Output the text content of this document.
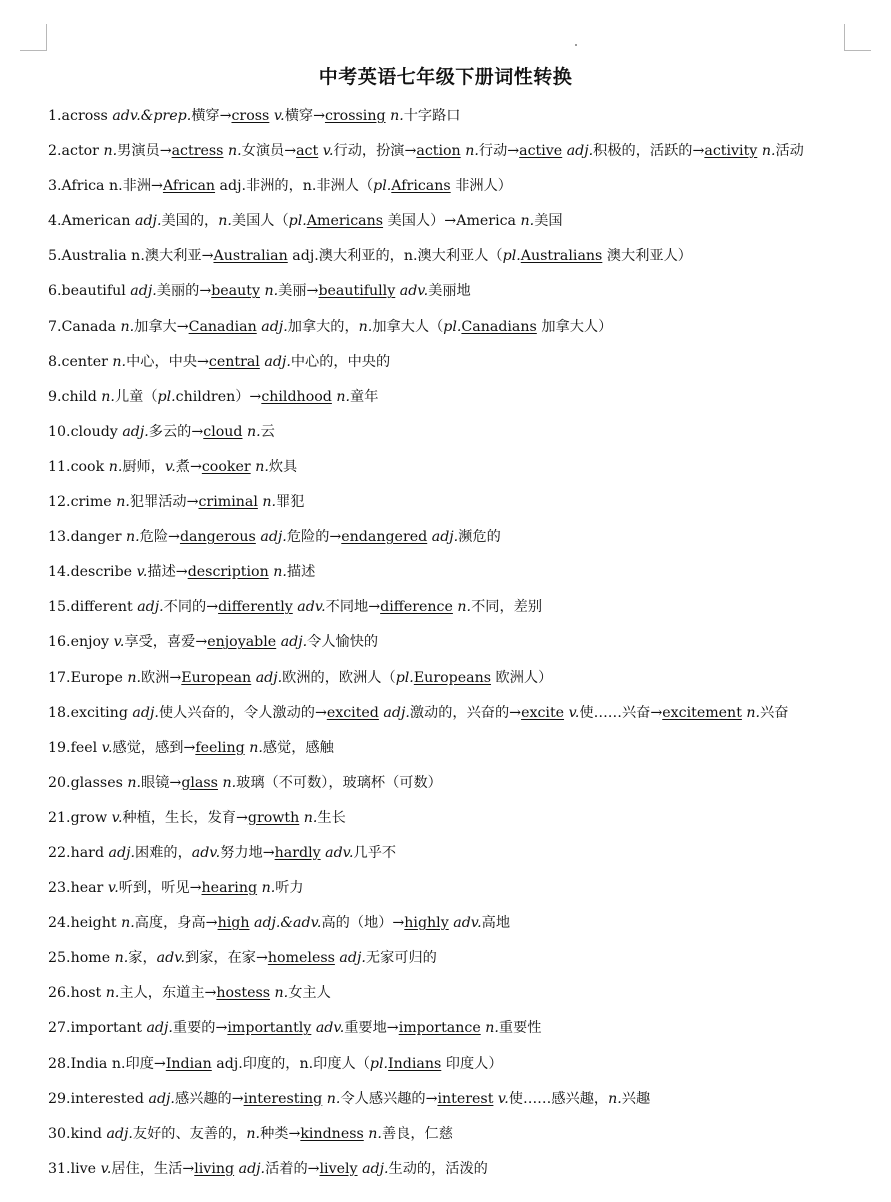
中考英语七年级下册词性转换
1.across adv.&prep.横穿→cross v.横穿→crossing n.十字路口
2.actor n.男演员→actress n.女演员→act v.行动，扮演→action n.行动→active adj.积极的，活跃的→activity n.活动
3.Africa n.非洲→African adj.非洲的，n.非洲人（pl.Africans 非洲人）
4.American adj.美国的，n.美国人（pl.Americans 美国人）→America n.美国
5.Australia n.澳大利亚→Australian adj.澳大利亚的，n.澳大利亚人（pl.Australians 澳大利亚人）
6.beautiful adj.美丽的→beauty n.美丽→beautifully adv.美丽地
7.Canada n.加拿大→Canadian adj.加拿大的，n.加拿大人（pl.Canadians 加拿大人）
8.center n.中心，中央→central adj.中心的，中央的
9.child n.儿童（pl.children）→childhood n.童年
10.cloudy adj.多云的→cloud n.云
11.cook n.厨师，v.煮→cooker n.炊具
12.crime n.犯罪活动→criminal n.罪犯
13.danger n.危险→dangerous adj.危险的→endangered adj.濒危的
14.describe v.描述→description n.描述
15.different adj.不同的→differently adv.不同地→difference n.不同，差别
16.enjoy v.享受，喜爱→enjoyable adj.令人愉快的
17.Europe n.欧洲→European adj.欧洲的，欧洲人（pl.Europeans 欧洲人）
18.exciting adj.使人兴奋的，令人激动的→excited adj.激动的，兴奋的→excite v.使……兴奋→excitement n.兴奋
19.feel v.感觉，感到→feeling n.感觉，感触
20.glasses n.眼镜→glass n.玻璃（不可数），玻璃杯（可数）
21.grow v.种植，生长，发育→growth n.生长
22.hard adj.困难的，adv.努力地→hardly adv.几乎不
23.hear v.听到，听见→hearing n.听力
24.height n.高度，身高→high adj.&adv.高的（地）→highly adv.高地
25.home n.家，adv.到家，在家→homeless adj.无家可归的
26.host n.主人，东道主→hostess n.女主人
27.important adj.重要的→importantly adv.重要地→importance n.重要性
28.India n.印度→Indian adj.印度的，n.印度人（pl.Indians 印度人）
29.interested adj.感兴趣的→interesting n.令人感兴趣的→interest v.使……感兴趣，n.兴趣
30.kind adj.友好的、友善的，n.种类→kindness n.善良，仁慈
31.live v.居住，生活→living adj.活着的→lively adj.生动的，活泼的
